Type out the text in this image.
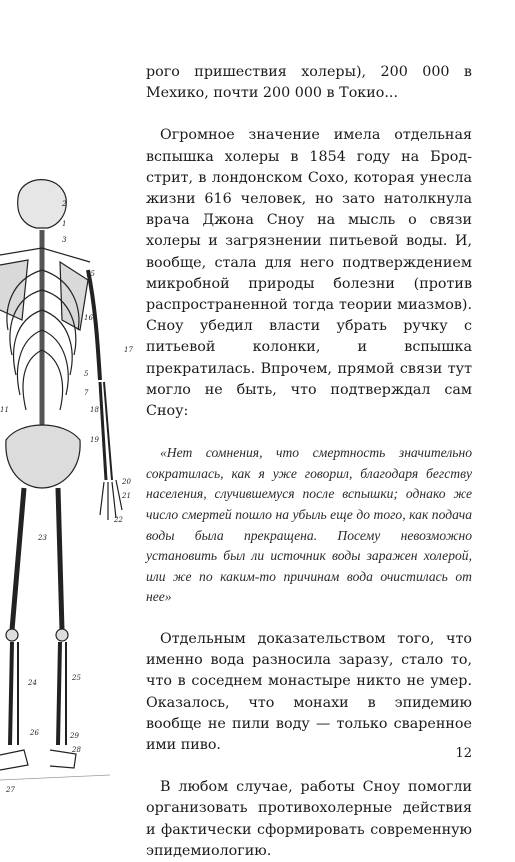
2
1
3
15
16
17
5
7
11	18
19
20
21
22
23
24
25
26
27
28
29

рого пришествия холеры), 200 000 в Мехико, почти 200 000 в Токио...

Огромное значение имела отдельная вспышка холеры в 1854 году на Брод-стрит, в лондонском Сохо, которая унесла жизни 616 человек, но зато натолкнула врача Джона Сноу на мысль о связи холеры и загрязнении питьевой воды. И, вообще, стала для него подтверждением микробной природы болезни (против распространенной тогда теории миазмов). Сноу убедил власти убрать ручку с питьевой колонки, и вспышка прекратилась. Впрочем, прямой связи тут могло не быть, что подтверждал сам Сноу:

«Нет сомнения, что смертность значительно сократилась, как я уже говорил, благодаря бегству населения, случившемуся после вспышки; однако же число смертей пошло на убыль еще до того, как подача воды была прекращена. Посему невозможно установить был ли источник воды заражен холерой, или же по каким-то причинам вода очистилась от нее»

Отдельным доказательством того, что именно вода разносила заразу, стало то, что в соседнем монастыре никто не умер. Оказалось, что монахи в эпидемию вообще не пили воду — только сваренное ими пиво.

В любом случае, работы Сноу помогли организовать противохолерные действия и фактически сформировать современную эпидемиологию.

12
